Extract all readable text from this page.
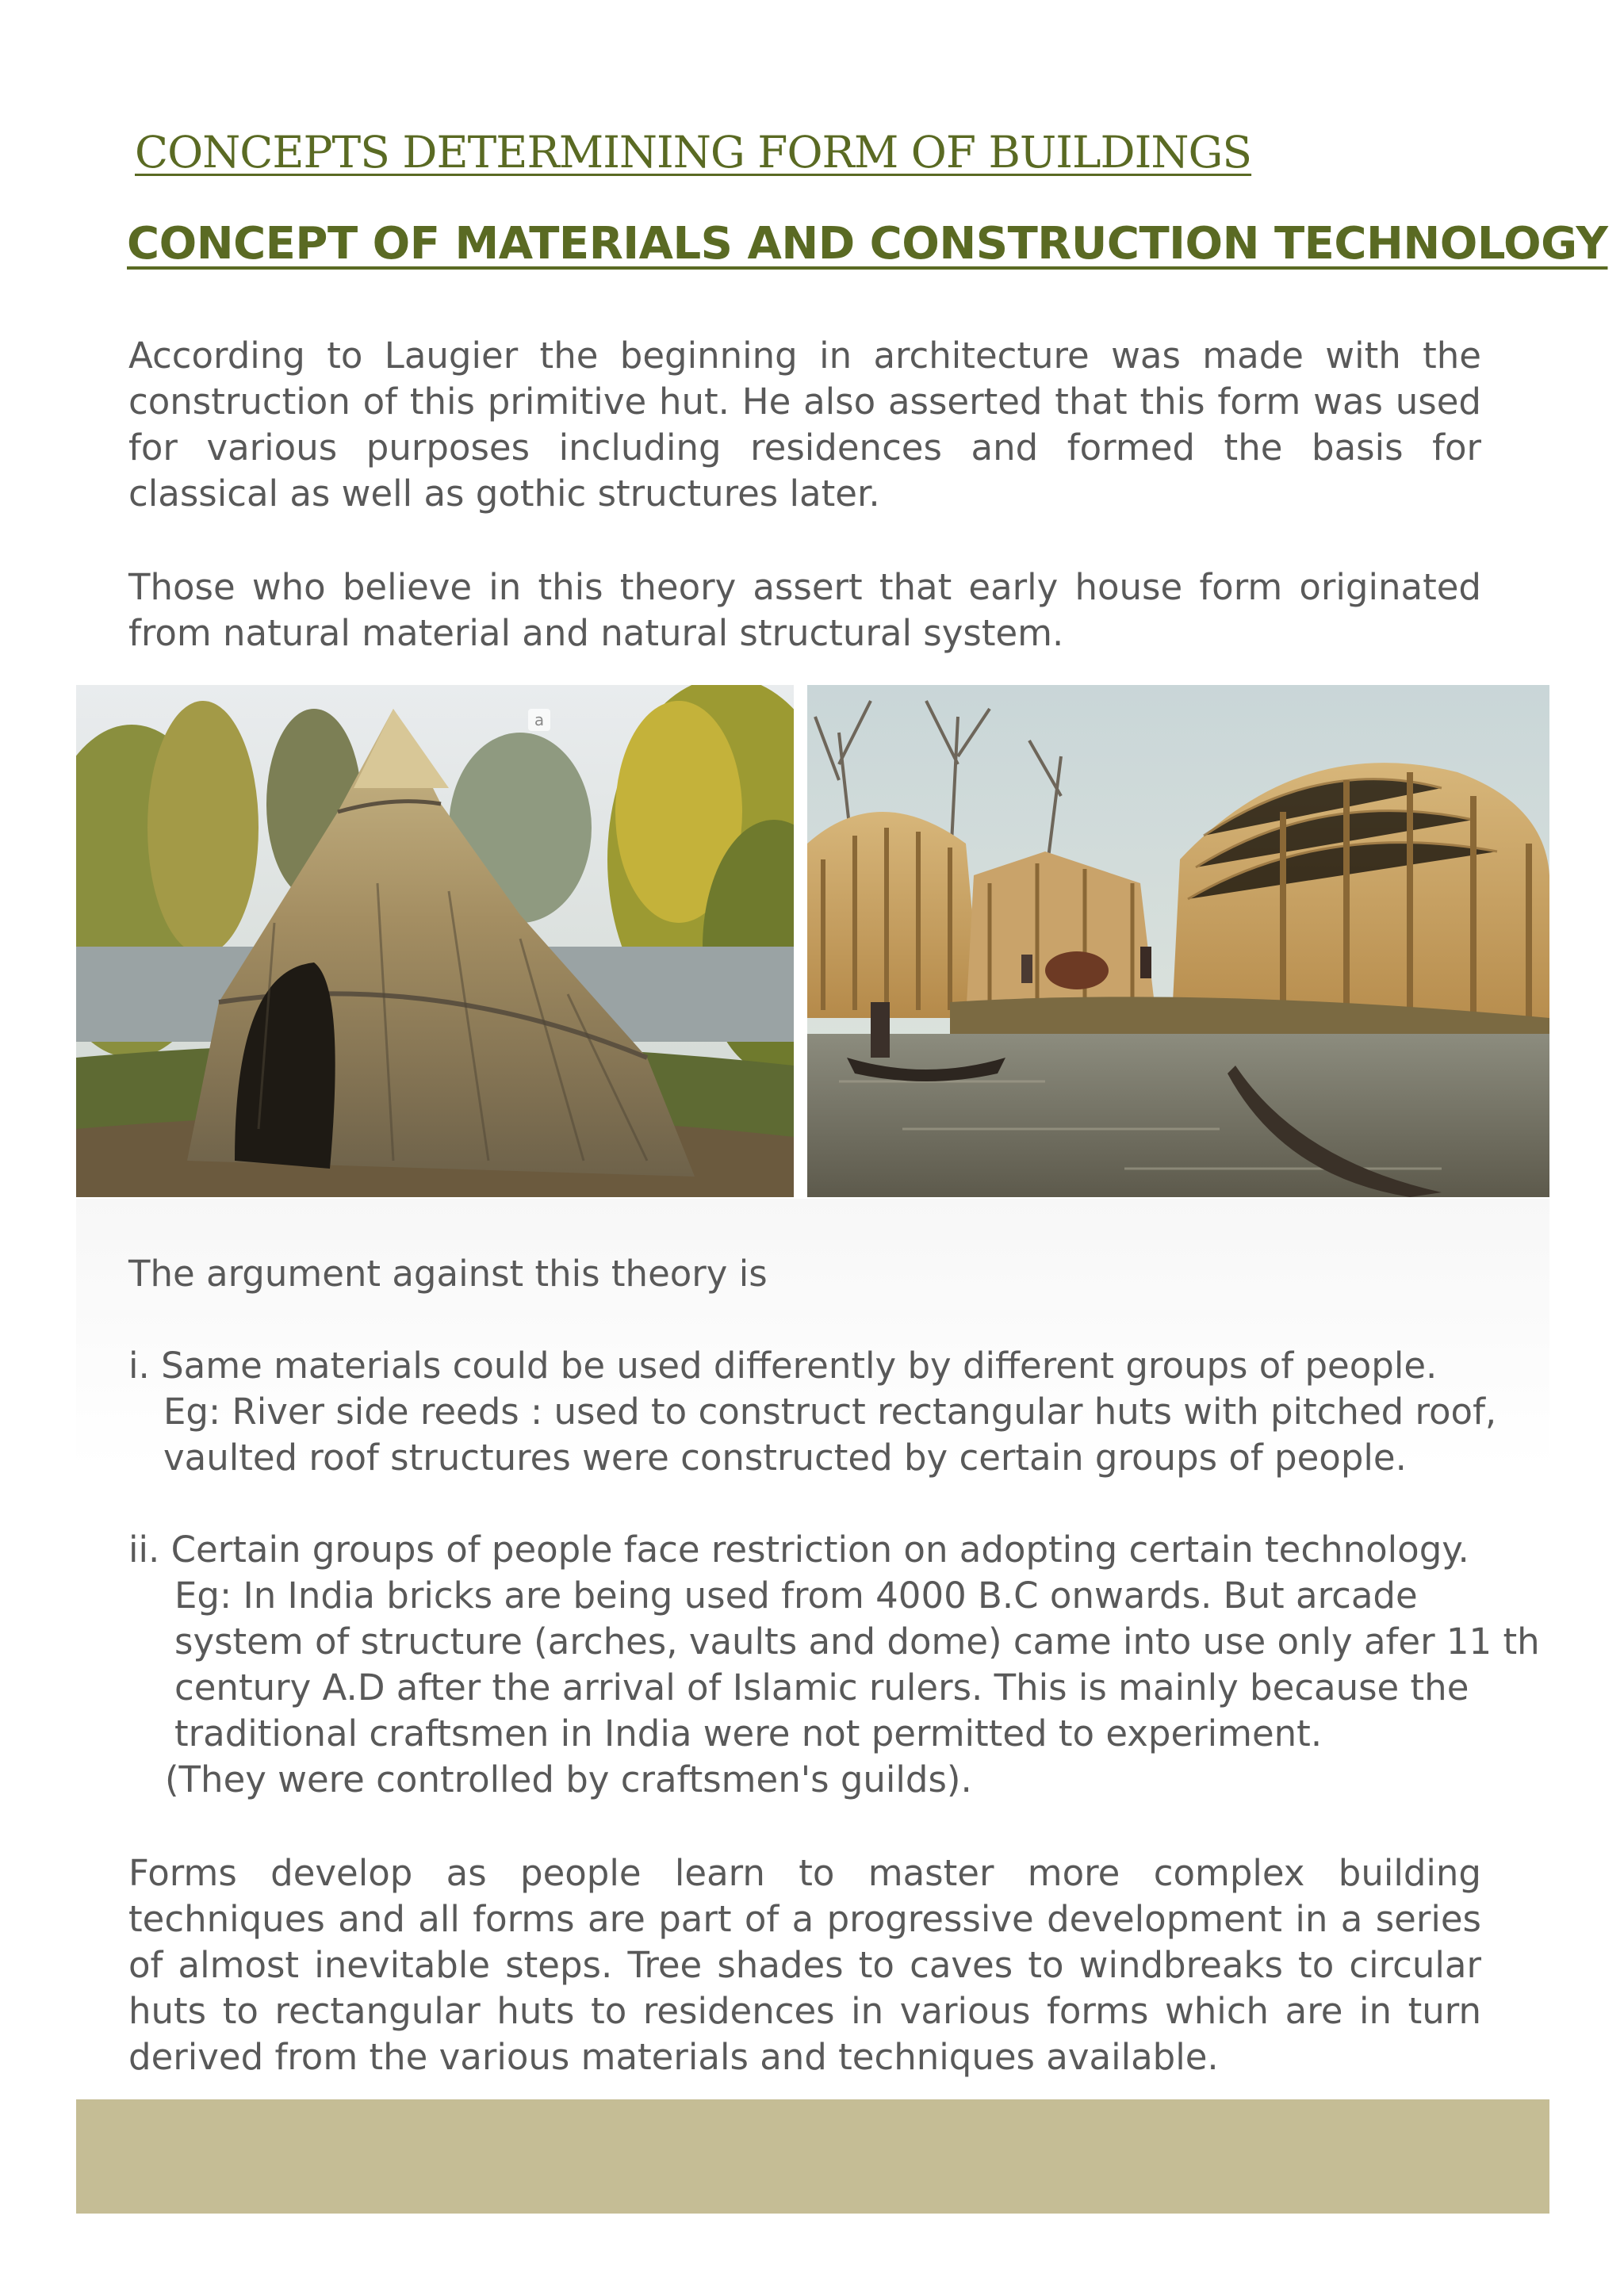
CONCEPTS DETERMINING FORM OF BUILDINGS
CONCEPT OF MATERIALS AND CONSTRUCTION TECHNOLOGY

According to Laugier the beginning in architecture was made with the construction of this primitive hut. He also asserted that this form was used for various purposes including residences and formed the basis for classical as well as gothic structures later.

Those who believe in this theory assert that early house form originated from natural material and natural structural system.

a

The argument against this theory is

i. Same materials could be used differently by different groups of people.
Eg: River side reeds : used to construct rectangular huts with pitched roof,
vaulted roof structures were constructed by certain groups of people.
ii. Certain groups of people face restriction on adopting certain technology.
Eg: In India bricks are being used from 4000 B.C onwards. But arcade
system of structure (arches, vaults and dome) came into use only afer 11 th
century A.D after the arrival of Islamic rulers. This is mainly because the
traditional craftsmen in India were not permitted to experiment.
(They were controlled by craftsmen's guilds).

Forms develop as people learn to master more complex building techniques and all forms are part of a progressive development in a series of almost inevitable steps. Tree shades to caves to windbreaks to circular huts to rectangular huts to residences in various forms which are in turn derived from the various materials and techniques available.
